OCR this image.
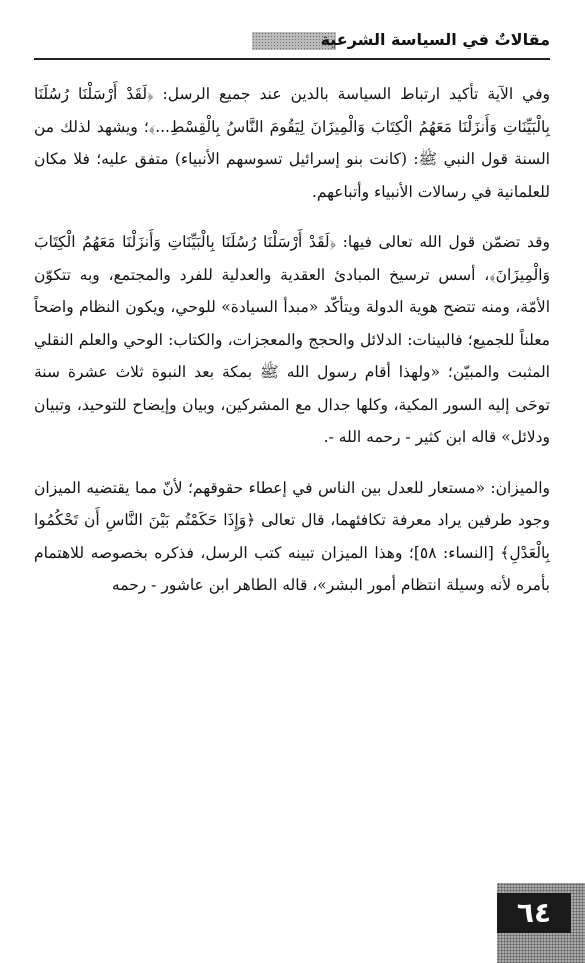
مقالاتٌ في السياسة الشرعية

وفي الآية تأكيد ارتباط السياسة بالدين عند جميع الرسل: ﴿لَقَدْ أَرْسَلْنَا رُسُلَنَا بِالْبَيِّنَاتِ وَأَنزَلْنَا مَعَهُمُ الْكِتَابَ وَالْمِيزَانَ لِيَقُومَ النَّاسُ بِالْقِسْطِ...﴾؛ ويشهد لذلك من السنة قول النبي ﷺ: (كانت بنو إسرائيل تسوسهم الأنبياء) متفق عليه؛ فلا مكان للعلمانية في رسالات الأنبياء وأتباعهم.

وقد تضمّن قول الله تعالى فيها: ﴿لَقَدْ أَرْسَلْنَا رُسُلَنَا بِالْبَيِّنَاتِ وَأَنزَلْنَا مَعَهُمُ الْكِتَابَ وَالْمِيزَانَ﴾، أسس ترسيخ المبادئ العقدية والعدلية للفرد والمجتمع، وبه تتكوّن الأمّة، ومنه تتضح هوية الدولة ويتأكّد «مبدأ السيادة» للوحي، ويكون النظام واضحاً معلناً للجميع؛ فالبينات: الدلائل والحجج والمعجزات، والكتاب: الوحي والعلم النقلي المثبت والمبيّن؛ «ولهذا أقام رسول الله ﷺ بمكة بعد النبوة ثلاث عشرة سنة توحَى إليه السور المكية، وكلها جدال مع المشركين، وبيان وإيضاح للتوحيد، وتبيان ودلائل» قاله ابن كثير - رحمه الله -.

والميزان: «مستعار للعدل بين الناس في إعطاء حقوقهم؛ لأنّ مما يقتضيه الميزان وجود طرفين يراد معرفة تكافئهما، قال تعالى ﴿وَإِذَا حَكَمْتُم بَيْنَ النَّاسِ أَن تَحْكُمُوا بِالْعَدْلِ﴾ [النساء: ٥٨]؛ وهذا الميزان تبينه كتب الرسل، فذكره بخصوصه للاهتمام بأمره لأنه وسيلة انتظام أمور البشر»، قاله الطاهر ابن عاشور - رحمه

٦٤
